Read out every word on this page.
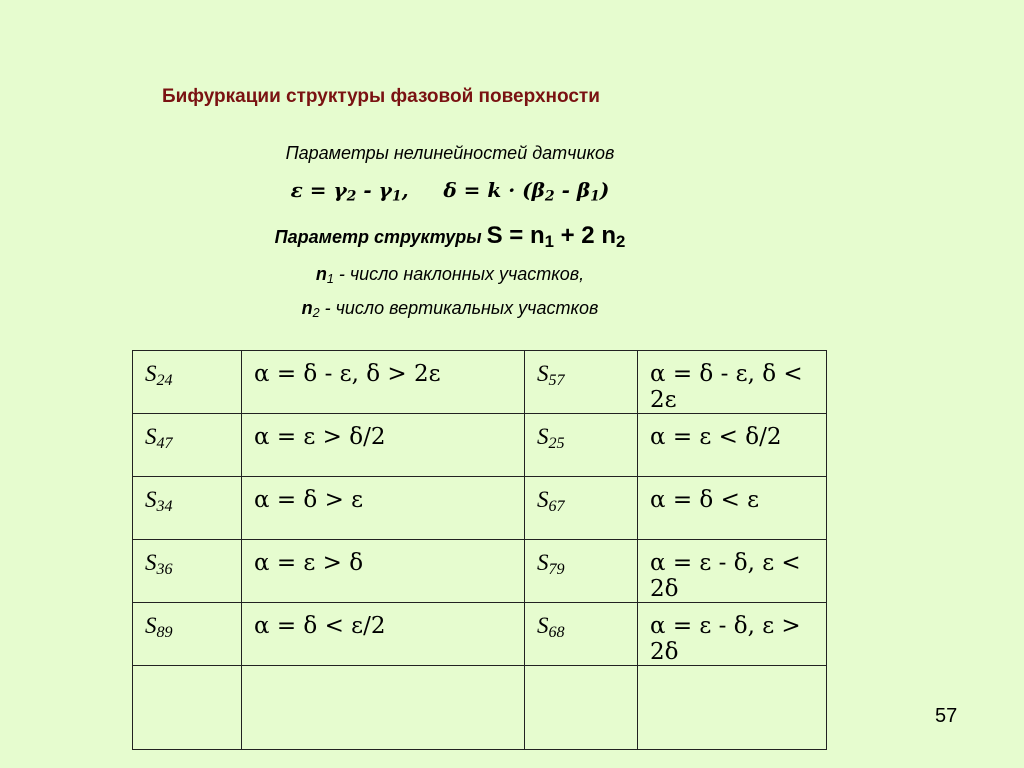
Бифуркации структуры фазовой поверхности
Параметры нелинейностей датчиков
$\varepsilon = \gamma_2 - \gamma_1$,     $\delta = k \cdot (\beta_2 - \beta_1)$
Параметр структуры $S = n_1 + 2$ $n_2$
$n_1$ - число наклонных участков,
$n_2$ - число вертикальных участков
$S_{24}$	α = δ - ε, δ > 2ε	$S_{57}$	α = δ - ε, δ < 2ε
$S_{47}$	α = ε > δ/2	$S_{25}$	α = ε < δ/2
$S_{34}$	α = δ > ε	$S_{67}$	α = δ < ε
$S_{36}$	α = ε > δ	$S_{79}$	α = ε - δ, ε < 2δ
$S_{89}$	α = δ < ε/2	$S_{68}$	α = ε - δ, ε > 2δ

57
